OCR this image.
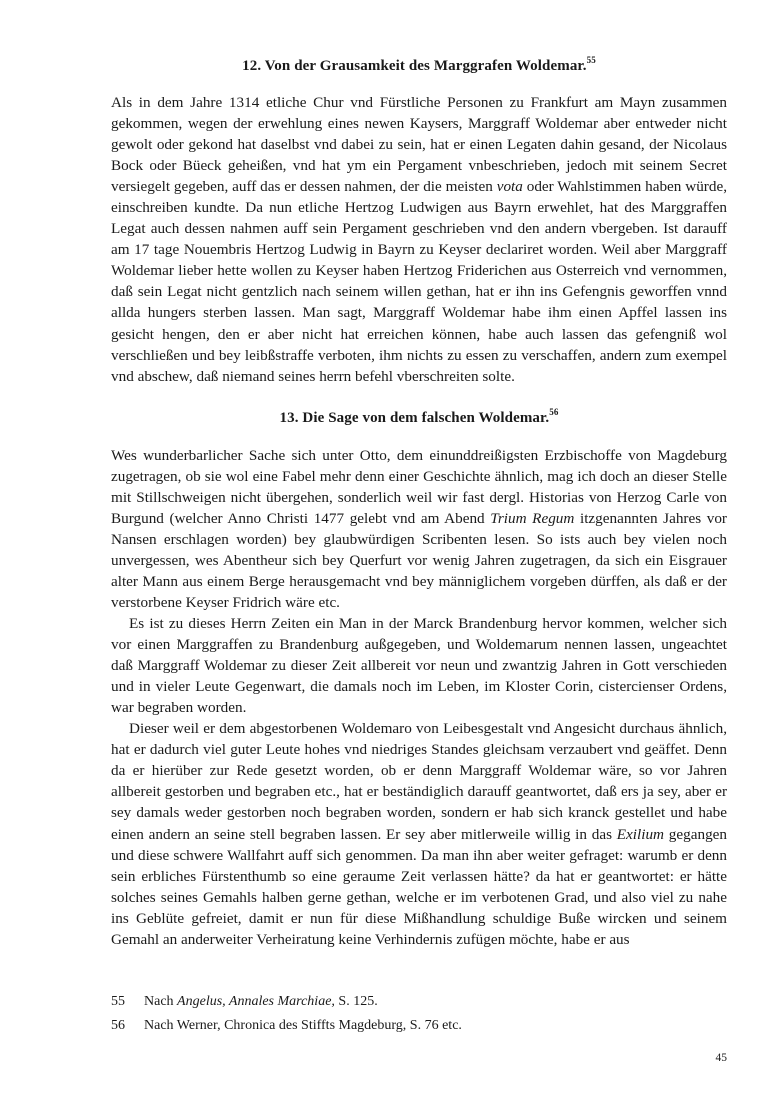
12. Von der Grausamkeit des Marggrafen Woldemar.$^{55}$

Als in dem Jahre 1314 etliche Chur vnd Fürstliche Personen zu Frankfurt am Mayn zusammen gekommen, wegen der erwehlung eines newen Kaysers, Marggraff Woldemar aber entweder nicht gewolt oder gekond hat daselbst vnd dabei zu sein, hat er einen Legaten dahin gesand, der Nicolaus Bock oder Büeck geheißen, vnd hat ym ein Pergament vnbeschrieben, jedoch mit seinem Secret versiegelt gegeben, auff das er dessen nahmen, der die meisten vota oder Wahlstimmen haben würde, einschreiben kundte. Da nun etliche Hertzog Ludwigen aus Bayrn erwehlet, hat des Marggraffen Legat auch dessen nahmen auff sein Pergament geschrieben vnd den andern vbergeben. Ist darauff am 17 tage Nouembris Hertzog Ludwig in Bayrn zu Keyser declariret worden. Weil aber Marggraff Woldemar lieber hette wollen zu Keyser haben Hertzog Friderichen aus Osterreich vnd vernommen, daß sein Legat nicht gentzlich nach seinem willen gethan, hat er ihn ins Gefengnis geworffen vnnd allda hungers sterben lassen. Man sagt, Marggraff Woldemar habe ihm einen Apffel lassen ins gesicht hengen, den er aber nicht hat erreichen können, habe auch lassen das gefengniß wol verschließen und bey leibßstraffe verboten, ihm nichts zu essen zu verschaffen, andern zum exempel vnd abschew, daß niemand seines herrn befehl vberschreiten solte.

13. Die Sage von dem falschen Woldemar.$^{56}$

Wes wunderbarlicher Sache sich unter Otto, dem einunddreißigsten Erzbischoffe von Magdeburg zugetragen, ob sie wol eine Fabel mehr denn einer Geschichte ähnlich, mag ich doch an dieser Stelle mit Stillschweigen nicht übergehen, sonderlich weil wir fast dergl. Historias von Herzog Carle von Burgund (welcher Anno Christi 1477 gelebt vnd am Abend Trium Regum itzgenannten Jahres vor Nansen erschlagen worden) bey glaubwürdigen Scribenten lesen. So ists auch bey vielen noch unvergessen, wes Abentheur sich bey Querfurt vor wenig Jahren zugetragen, da sich ein Eisgrauer alter Mann aus einem Berge herausgemacht vnd bey männiglichem vorgeben dürffen, als daß er der verstorbene Keyser Fridrich wäre etc.

Es ist zu dieses Herrn Zeiten ein Man in der Marck Brandenburg hervor kommen, welcher sich vor einen Marggraffen zu Brandenburg außgegeben, und Woldemarum nennen lassen, ungeachtet daß Marggraff Woldemar zu dieser Zeit allbereit vor neun und zwantzig Jahren in Gott verschieden und in vieler Leute Gegenwart, die damals noch im Leben, im Kloster Corin, cistercienser Ordens, war begraben worden.

Dieser weil er dem abgestorbenen Woldemaro von Leibesgestalt vnd Angesicht durchaus ähnlich, hat er dadurch viel guter Leute hohes vnd niedriges Standes gleichsam verzaubert vnd geäffet. Denn da er hierüber zur Rede gesetzt worden, ob er denn Marggraff Woldemar wäre, so vor Jahren allbereit gestorben und begraben etc., hat er beständiglich darauff geantwortet, daß ers ja sey, aber er sey damals weder gestorben noch begraben worden, sondern er hab sich kranck gestellet und habe einen andern an seine stell begraben lassen. Er sey aber mitlerweile willig in das Exilium gegangen und diese schwere Wallfahrt auff sich genommen. Da man ihn aber weiter gefraget: warumb er denn sein erbliches Fürstenthumb so eine geraume Zeit verlassen hätte? da hat er geantwortet: er hätte solches seines Gemahls halben gerne gethan, welche er im verbotenen Grad, und also viel zu nahe ins Geblüte gefreiet, damit er nun für diese Mißhandlung schuldige Buße wircken und seinem Gemahl an anderweiter Verheiratung keine Verhindernis zufügen möchte, habe er aus

55	Nach Angelus, Annales Marchiae, S. 125.
56	Nach Werner, Chronica des Stiffts Magdeburg, S. 76 etc.
45
